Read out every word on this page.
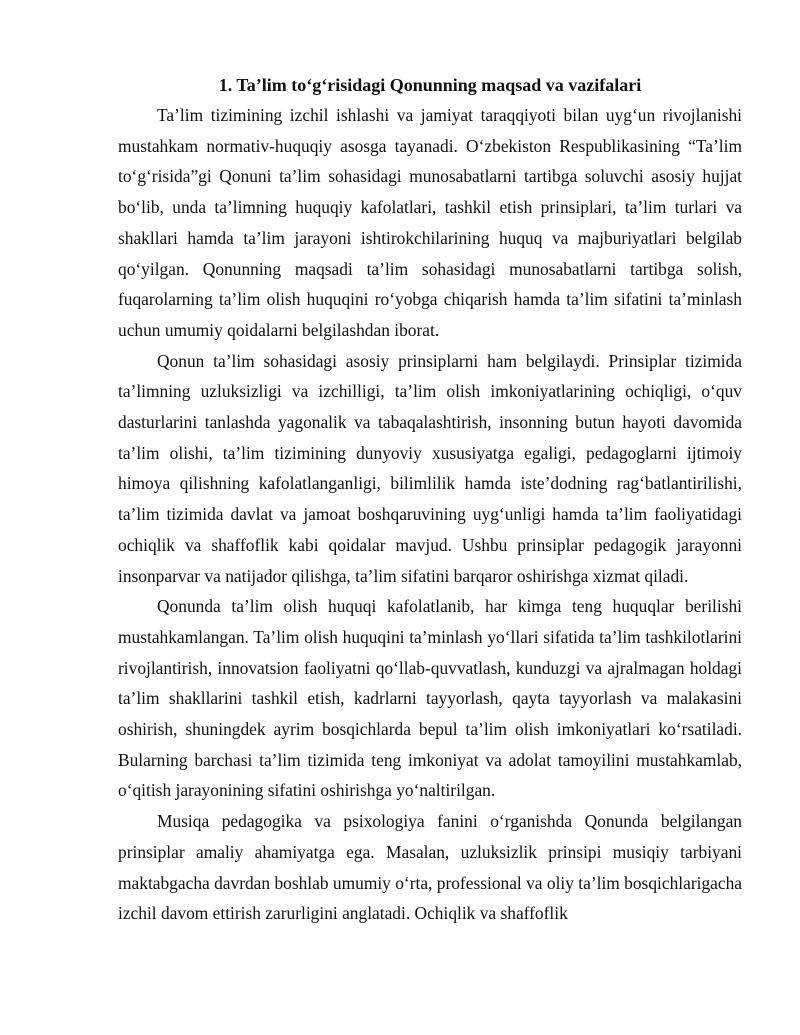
1. Ta’lim to‘g‘risidagi Qonunning maqsad va vazifalari

Ta’lim tizimining izchil ishlashi va jamiyat taraqqiyoti bilan uyg‘un rivojlanishi mustahkam normativ-huquqiy asosga tayanadi. O‘zbekiston Respublikasining “Ta’lim to‘g‘risida”gi Qonuni ta’lim sohasidagi munosabatlarni tartibga soluvchi asosiy hujjat bo‘lib, unda ta’limning huquqiy kafolatlari, tashkil etish prinsiplari, ta’lim turlari va shakllari hamda ta’lim jarayoni ishtirokchilarining huquq va majburiyatlari belgilab qo‘yilgan. Qonunning maqsadi ta’lim sohasidagi munosabatlarni tartibga solish, fuqarolarning ta’lim olish huquqini ro‘yobga chiqarish hamda ta’lim sifatini ta’minlash uchun umumiy qoidalarni belgilashdan iborat.

Qonun ta’lim sohasidagi asosiy prinsiplarni ham belgilaydi. Prinsiplar tizimida ta’limning uzluksizligi va izchilligi, ta’lim olish imkoniyatlarining ochiqligi, o‘quv dasturlarini tanlashda yagonalik va tabaqalashtirish, insonning butun hayoti davomida ta’lim olishi, ta’lim tizimining dunyoviy xususiyatga egaligi, pedagoglarni ijtimoiy himoya qilishning kafolatlanganligi, bilimlilik hamda iste’dodning rag‘batlantirilishi, ta’lim tizimida davlat va jamoat boshqaruvining uyg‘unligi hamda ta’lim faoliyatidagi ochiqlik va shaffoflik kabi qoidalar mavjud. Ushbu prinsiplar pedagogik jarayonni insonparvar va natijador qilishga, ta’lim sifatini barqaror oshirishga xizmat qiladi.

Qonunda ta’lim olish huquqi kafolatlanib, har kimga teng huquqlar berilishi mustahkamlangan. Ta’lim olish huquqini ta’minlash yo‘llari sifatida ta’lim tashkilotlarini rivojlantirish, innovatsion faoliyatni qo‘llab-quvvatlash, kunduzgi va ajralmagan holdagi ta’lim shakllarini tashkil etish, kadrlarni tayyorlash, qayta tayyorlash va malakasini oshirish, shuningdek ayrim bosqichlarda bepul ta’lim olish imkoniyatlari ko‘rsatiladi. Bularning barchasi ta’lim tizimida teng imkoniyat va adolat tamoyilini mustahkamlab, o‘qitish jarayonining sifatini oshirishga yo‘naltirilgan.

Musiqa pedagogika va psixologiya fanini o‘rganishda Qonunda belgilangan prinsiplar amaliy ahamiyatga ega. Masalan, uzluksizlik prinsipi musiqiy tarbiyani maktabgacha davrdan boshlab umumiy o‘rta, professional va oliy ta’lim bosqichlarigacha izchil davom ettirish zarurligini anglatadi. Ochiqlik va shaffoflik
